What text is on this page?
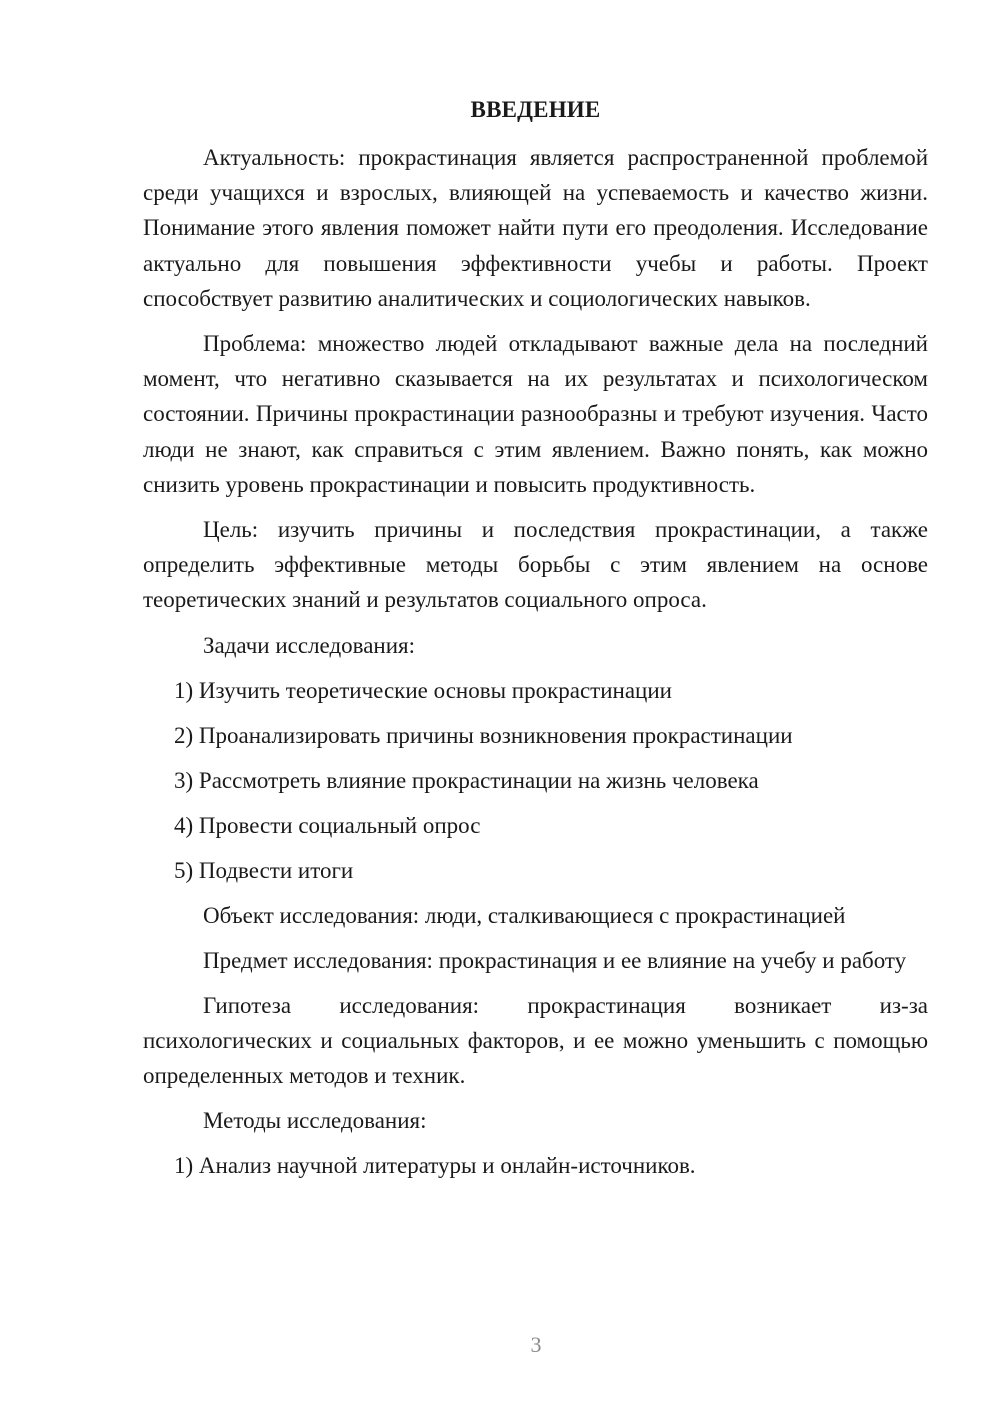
ВВЕДЕНИЕ

Актуальность: прокрастинация является распространенной проблемой среди учащихся и взрослых, влияющей на успеваемость и качество жизни. Понимание этого явления поможет найти пути его преодоления. Исследование актуально для повышения эффективности учебы и работы. Проект способствует развитию аналитических и социологических навыков.

Проблема: множество людей откладывают важные дела на последний момент, что негативно сказывается на их результатах и психологическом состоянии. Причины прокрастинации разнообразны и требуют изучения. Часто люди не знают, как справиться с этим явлением. Важно понять, как можно снизить уровень прокрастинации и повысить продуктивность.

Цель: изучить причины и последствия прокрастинации, а также определить эффективные методы борьбы с этим явлением на основе теоретических знаний и результатов социального опроса.

Задачи исследования:
1) Изучить теоретические основы прокрастинации
2) Проанализировать причины возникновения прокрастинации
3) Рассмотреть влияние прокрастинации на жизнь человека
4) Провести социальный опрос
5) Подвести итоги
Объект исследования: люди, сталкивающиеся с прокрастинацией

Предмет исследования: прокрастинация и ее влияние на учебу и работу

Гипотеза исследования: прокрастинация возникает из-за психологических и социальных факторов, и ее можно уменьшить с помощью определенных методов и техник.

Методы исследования:
1) Анализ научной литературы и онлайн-источников.
3
